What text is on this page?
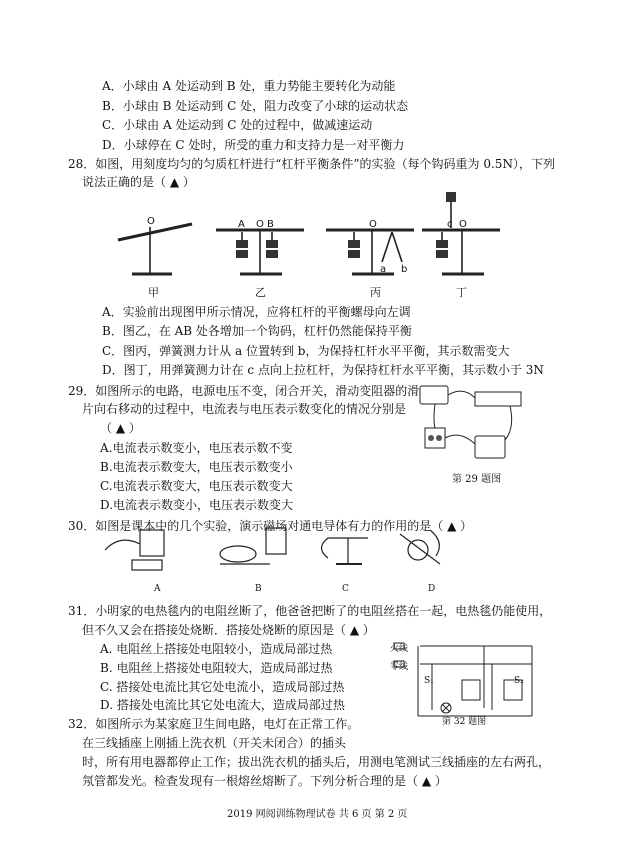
A．小球由 A 处运动到 B 处，重力势能主要转化为动能
B．小球由 B 处运动到 C 处，阻力改变了小球的运动状态
C．小球由 A 处运动到 C 处的过程中，做减速运动
D．小球停在 C 处时，所受的重力和支持力是一对平衡力
28．如图，用刻度均匀的匀质杠杆进行“杠杆平衡条件”的实验（每个钩码重为 0.5N），下列
说法正确的是（ ▲ ）
O	O
A B	O
a b
O
c
甲	乙	丙	丁
A．实验前出现图甲所示情况，应将杠杆的平衡螺母向左调
B．图乙，在 AB 处各增加一个钩码，杠杆仍然能保持平衡
C．图丙，弹簧测力计从 a 位置转到 b，为保持杠杆水平平衡，其示数需变大
D．图丁，用弹簧测力计在 c 点向上拉杠杆，为保持杠杆水平平衡，其示数小于 3N
29．如图所示的电路，电源电压不变，闭合开关，滑动变阻器的滑
片向右移动的过程中，电流表与电压表示数变化的情况分别是
（ ▲ ）
A.电流表示数变小，电压表示数不变
B.电流表示数变大，电压表示数变小
C.电流表示数变大，电压表示数变大
D.电流表示数变小，电压表示数变大
第 29 题图
30．如图是课本中的几个实验，演示磁场对通电导体有力的作用的是（ ▲ ）
A	B	C	D
31．小明家的电热毯内的电阻丝断了，他爸爸把断了的电阻丝搭在一起，电热毯仍能使用，
但不久又会在搭接处烧断．搭接处烧断的原因是（ ▲ ）
A. 电阻丝上搭接处电阻较小，造成局部过热
B. 电阻丝上搭接处电阻较大，造成局部过热
C. 搭接处电流比其它处电流小，造成局部过热
D. 搭接处电流比其它处电流大，造成局部过热
火线
零线
S₁	S₂
第 32 题图
32．如图所示为某家庭卫生间电路，电灯在正常工作。
在三线插座上刚插上洗衣机（开关未闭合）的插头
时，所有用电器都停止工作；拔出洗衣机的插头后，用测电笔测试三线插座的左右两孔，
氖管都发光。检查发现有一根熔丝熔断了。下列分析合理的是（ ▲ ）
2019 网阅训练物理试卷 共 6 页 第 2 页
